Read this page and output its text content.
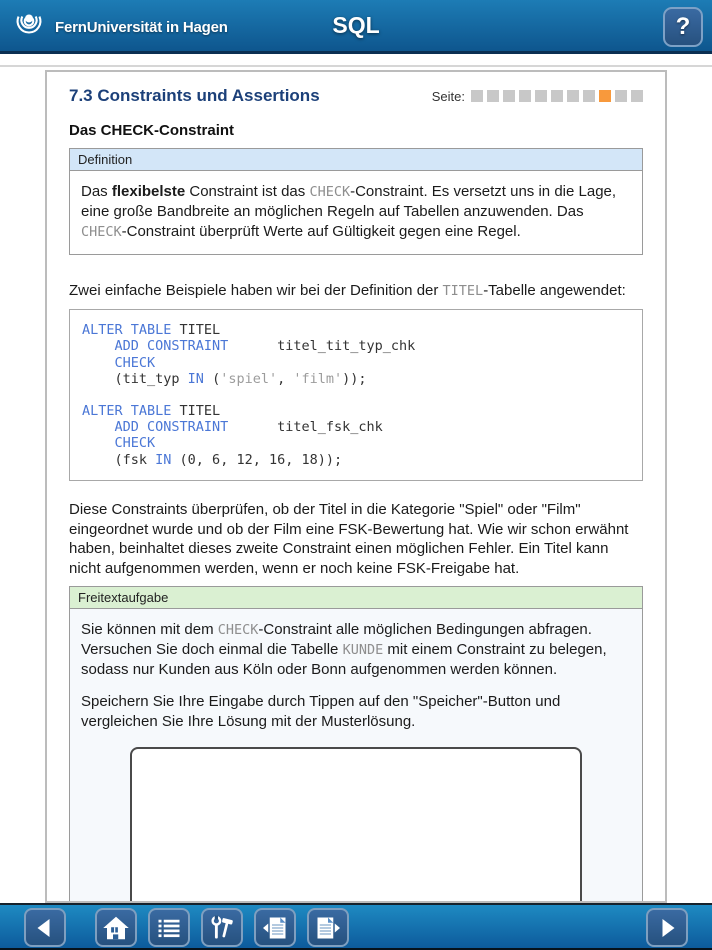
FernUniversität in Hagen	SQL	?
7.3 Constraints und Assertions	Seite:
Das CHECK-Constraint
Definition
Das flexibelste Constraint ist das CHECK-Constraint. Es versetzt uns in die Lage, eine große Bandbreite an möglichen Regeln auf Tabellen anzuwenden. Das CHECK-Constraint überprüft Werte auf Gültigkeit gegen eine Regel.

Zwei einfache Beispiele haben wir bei der Definition der TITEL-Tabelle angewendet:

ALTER TABLE TITEL
ADD CONSTRAINT      titel_tit_typ_chk
CHECK
(tit_typ IN ('spiel', 'film'));
ALTER TABLE TITEL
ADD CONSTRAINT      titel_fsk_chk
CHECK
(fsk IN (0, 6, 12, 16, 18));

Diese Constraints überprüfen, ob der Titel in die Kategorie "Spiel" oder "Film" eingeordnet wurde und ob der Film eine FSK-Bewertung hat. Wie wir schon erwähnt haben, beinhaltet dieses zweite Constraint einen möglichen Fehler. Ein Titel kann nicht aufgenommen werden, wenn er noch keine FSK-Freigabe hat.

Freitextaufgabe

Sie können mit dem CHECK-Constraint alle möglichen Bedingungen abfragen. Versuchen Sie doch einmal die Tabelle KUNDE mit einem Constraint zu belegen, sodass nur Kunden aus Köln oder Bonn aufgenommen werden können.

Speichern Sie Ihre Eingabe durch Tippen auf den "Speicher"-Button und vergleichen Sie Ihre Lösung mit der Musterlösung.
